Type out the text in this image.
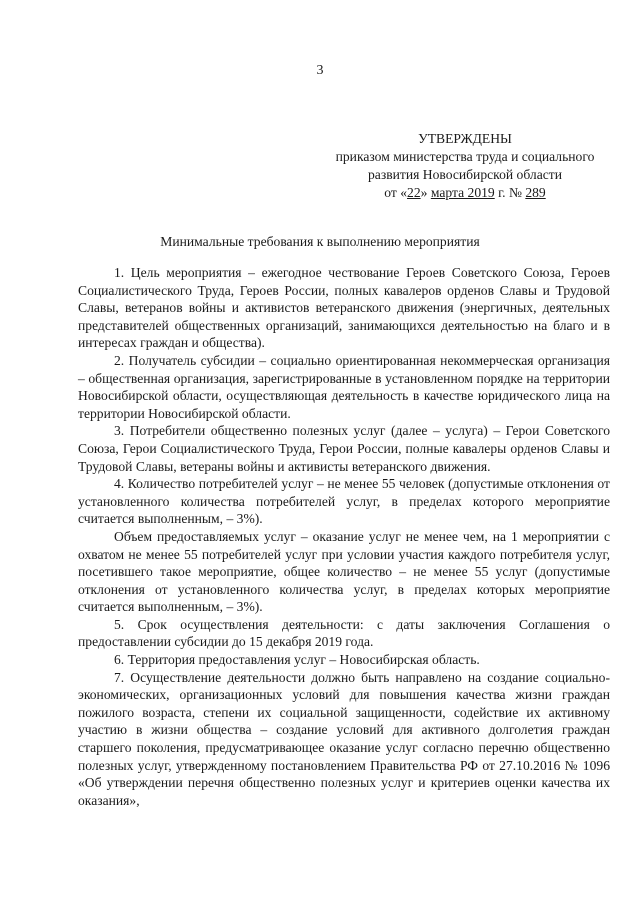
3
УТВЕРЖДЕНЫ
приказом министерства труда и социального
развития Новосибирской области
от «22» марта 2019 г. № 289
Минимальные требования к выполнению мероприятия

1. Цель мероприятия – ежегодное чествование Героев Советского Союза, Героев Социалистического Труда, Героев России, полных кавалеров орденов Славы и Трудовой Славы, ветеранов войны и активистов ветеранского движения (энергичных, деятельных представителей общественных организаций, занимающихся деятельностью на благо и в интересах граждан и общества).

2. Получатель субсидии – социально ориентированная некоммерческая организация – общественная организация, зарегистрированные в установленном порядке на территории Новосибирской области, осуществляющая деятельность в качестве юридического лица на территории Новосибирской области.

3. Потребители общественно полезных услуг (далее – услуга) – Герои Советского Союза, Герои Социалистического Труда, Герои России, полные кавалеры орденов Славы и Трудовой Славы, ветераны войны и активисты ветеранского движения.

4. Количество потребителей услуг – не менее 55 человек (допустимые отклонения от установленного количества потребителей услуг, в пределах которого мероприятие считается выполненным, – 3%).

Объем предоставляемых услуг – оказание услуг не менее чем, на 1 мероприятии с охватом не менее 55 потребителей услуг при условии участия каждого потребителя услуг, посетившего такое мероприятие, общее количество – не менее 55 услуг (допустимые отклонения от установленного количества услуг, в пределах которых мероприятие считается выполненным, – 3%).

5. Срок осуществления деятельности: с даты заключения Соглашения о предоставлении субсидии до 15 декабря 2019 года.

6. Территория предоставления услуг – Новосибирская область.

7. Осуществление деятельности должно быть направлено на создание социально-экономических, организационных условий для повышения качества жизни граждан пожилого возраста, степени их социальной защищенности, содействие их активному участию в жизни общества – создание условий для активного долголетия граждан старшего поколения, предусматривающее оказание услуг согласно перечню общественно полезных услуг, утвержденному постановлением Правительства РФ от 27.10.2016 № 1096 «Об утверждении перечня общественно полезных услуг и критериев оценки качества их оказания»,
